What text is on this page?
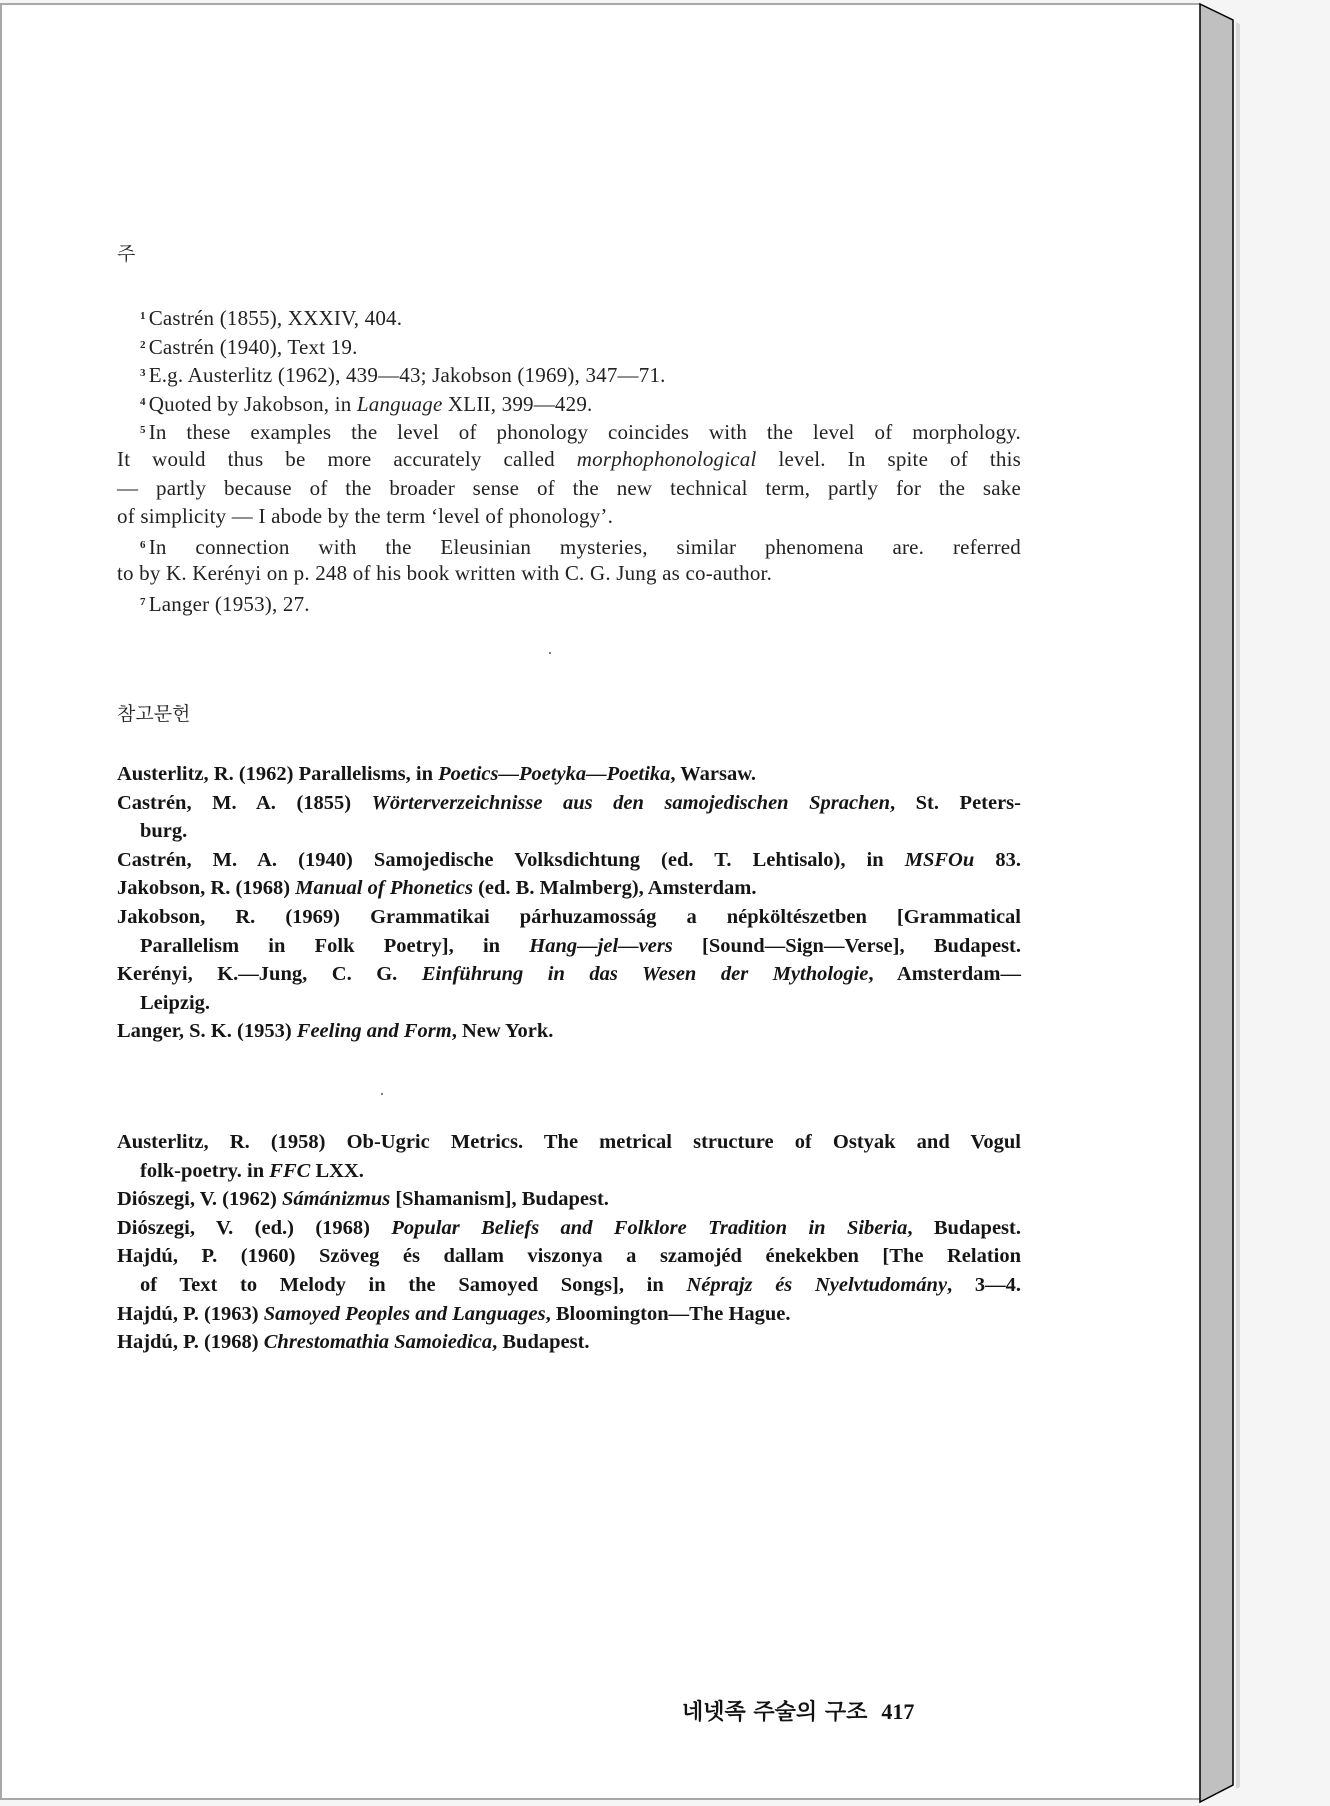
주
$^1$ Castrén (1855), XXXIV, 404.
$^2$ Castrén (1940), Text 19.
$^3$ E.g. Austerlitz (1962), 439—43; Jakobson (1969), 347—71.
$^4$ Quoted by Jakobson, in Language XLII, 399—429.
$^5$ In these examples the level of phonology coincides with the level of morphology.
It would thus be more accurately called morphophonological level. In spite of this
— partly because of the broader sense of the new technical term, partly for the sake
of simplicity — I abode by the term ‘level of phonology’.
$^6$ In connection with the Eleusinian mysteries, similar phenomena are. referred
to by K. Kerényi on p. 248 of his book written with C. G. Jung as co-author.
$^7$ Langer (1953), 27.
참고문헌
Austerlitz, R. (1962) Parallelisms, in Poetics—Poetyka—Poetika, Warsaw.
Castrén, M. A. (1855) Wörterverzeichnisse aus den samojedischen Sprachen, St. Peters-
burg.
Castrén, M. A. (1940) Samojedische Volksdichtung (ed. T. Lehtisalo), in MSFOu 83.
Jakobson, R. (1968) Manual of Phonetics (ed. B. Malmberg), Amsterdam.
Jakobson, R. (1969) Grammatikai párhuzamosság a népköltészetben [Grammatical
Parallelism in Folk Poetry], in Hang—jel—vers [Sound—Sign—Verse], Budapest.
Kerényi, K.—Jung, C. G. Einführung in das Wesen der Mythologie, Amsterdam—
Leipzig.
Langer, S. K. (1953) Feeling and Form, New York.
Austerlitz, R. (1958) Ob-Ugric Metrics. The metrical structure of Ostyak and Vogul
folk-poetry. in FFC LXX.
Diószegi, V. (1962) Sámánizmus [Shamanism], Budapest.
Diószegi, V. (ed.) (1968) Popular Beliefs and Folklore Tradition in Siberia, Budapest.
Hajdú, P. (1960) Szöveg és dallam viszonya a szamojéd énekekben [The Relation
of Text to Melody in the Samoyed Songs], in Néprajz és Nyelvtudomány, 3—4.
Hajdú, P. (1963) Samoyed Peoples and Languages, Bloomington—The Hague.
Hajdú, P. (1968) Chrestomathia Samoiedica, Budapest.
네넷족 주술의 구조 417
